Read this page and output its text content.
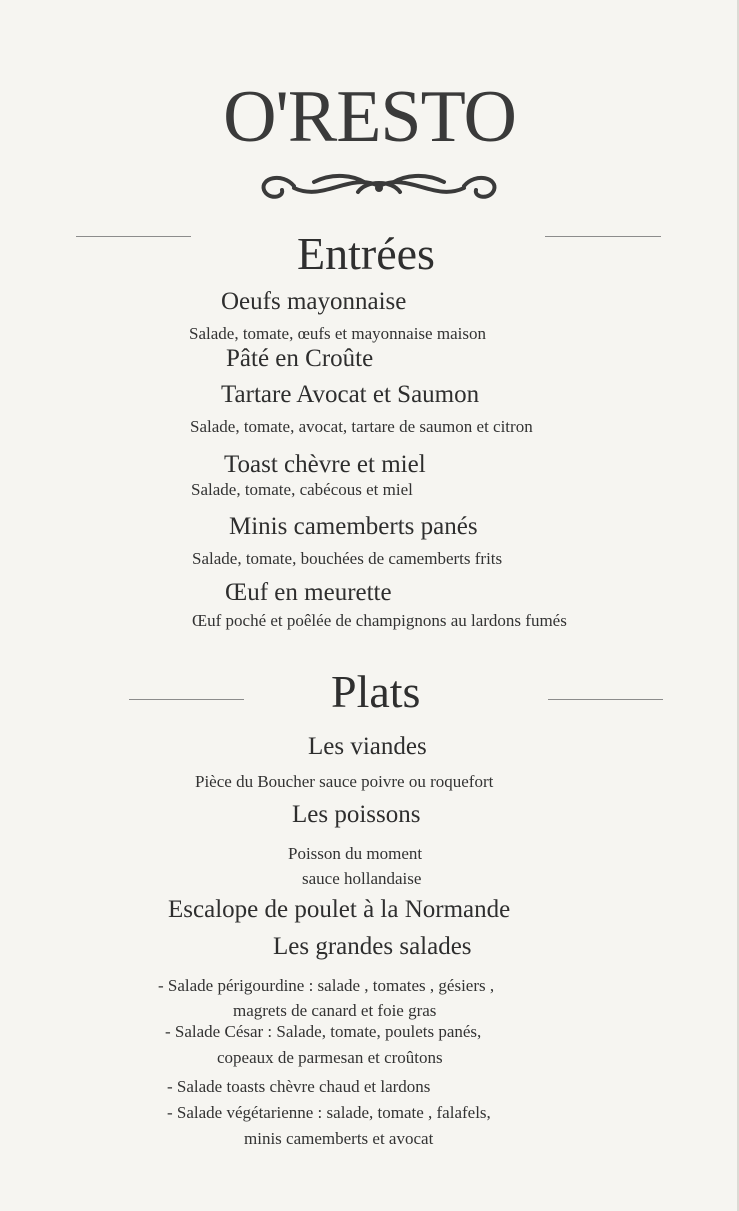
O'RESTO
Entrées
Oeufs mayonnaise
Salade, tomate, œufs et mayonnaise maison
Pâté en Croûte
Tartare Avocat et Saumon
Salade, tomate, avocat, tartare de saumon et citron
Toast chèvre et miel
Salade, tomate, cabécous et miel
Minis camemberts panés
Salade, tomate, bouchées de camemberts frits
Œuf en meurette
Œuf poché et poêlée de champignons au lardons fumés
Plats
Les viandes
Pièce du Boucher sauce poivre ou roquefort
Les poissons
Poisson du moment
sauce hollandaise
Escalope de poulet à la Normande
Les grandes salades
- Salade périgourdine : salade , tomates , gésiers ,
magrets de canard et foie gras
- Salade César : Salade, tomate, poulets panés,
copeaux de parmesan et croûtons
- Salade toasts chèvre chaud et lardons
- Salade végétarienne : salade, tomate , falafels,
minis camemberts et avocat
